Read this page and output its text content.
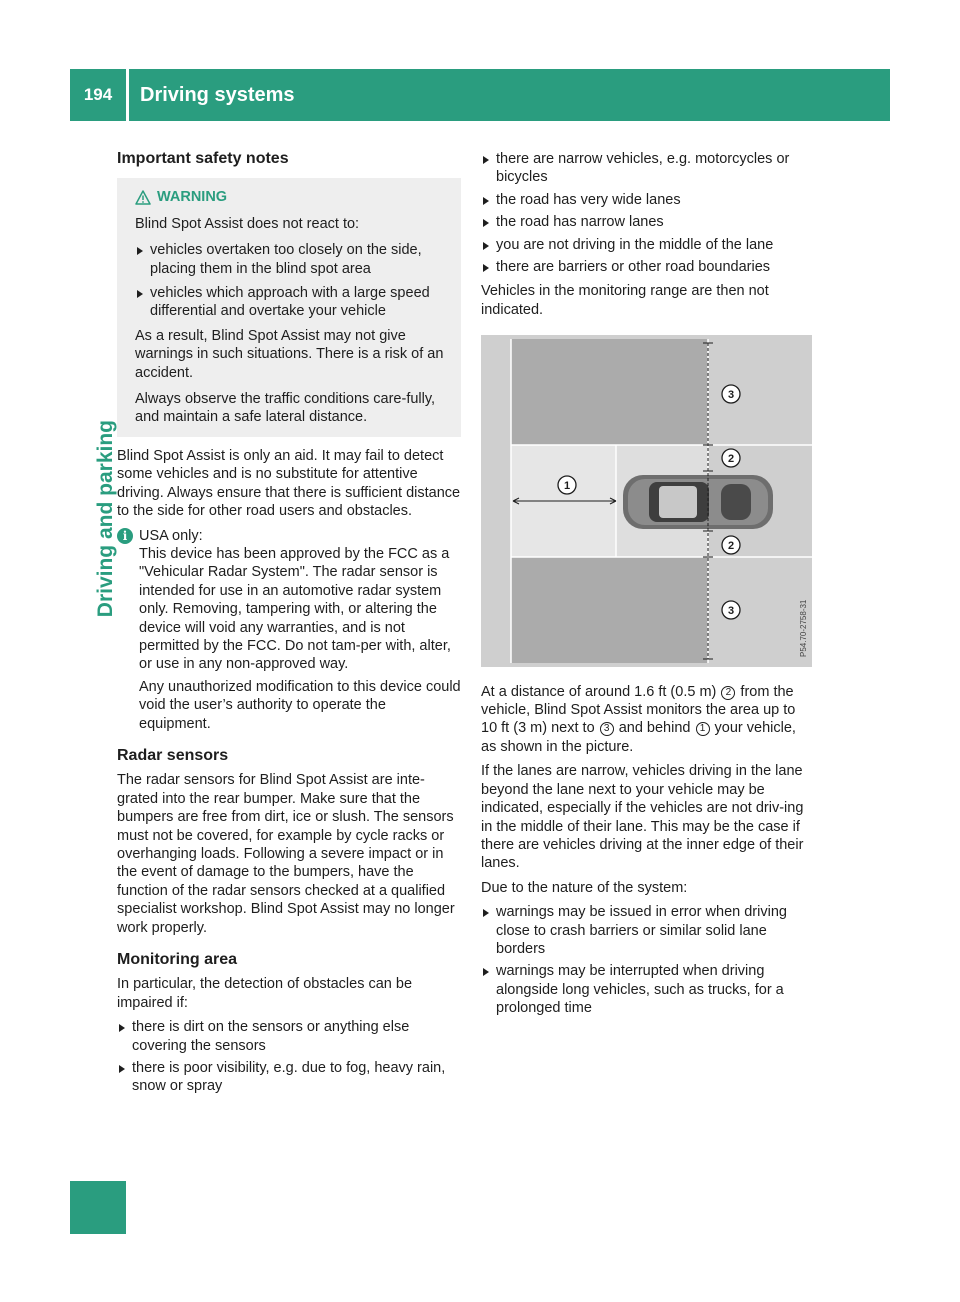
194	Driving systems
Driving and parking
Important safety notes
WARNING

Blind Spot Assist does not react to:

vehicles overtaken too closely on the side, placing them in the blind spot area
vehicles which approach with a large speed differential and overtake your vehicle

As a result, Blind Spot Assist may not give warnings in such situations. There is a risk of an accident.

Always observe the traffic conditions care-fully, and maintain a safe lateral distance.

Blind Spot Assist is only an aid. It may fail to detect some vehicles and is no substitute for attentive driving. Always ensure that there is sufficient distance to the side for other road users and obstacles.

i USA only:

This device has been approved by the FCC as a "Vehicular Radar System". The radar sensor is intended for use in an automotive radar system only. Removing, tampering with, or altering the device will void any warranties, and is not permitted by the FCC. Do not tam-per with, alter, or use in any non-approved way.

Any unauthorized modification to this device could void the user’s authority to operate the equipment.

Radar sensors

The radar sensors for Blind Spot Assist are inte-grated into the rear bumper. Make sure that the bumpers are free from dirt, ice or slush. The sensors must not be covered, for example by cycle racks or overhanging loads. Following a severe impact or in the event of damage to the bumpers, have the function of the radar sensors checked at a qualified specialist workshop. Blind Spot Assist may no longer work properly.

Monitoring area

In particular, the detection of obstacles can be impaired if:

there is dirt on the sensors or anything else covering the sensors
there is poor visibility, e.g. due to fog, heavy rain, snow or spray
there are narrow vehicles, e.g. motorcycles or bicycles
the road has very wide lanes
the road has narrow lanes
you are not driving in the middle of the lane
there are barriers or other road boundaries

Vehicles in the monitoring range are then not indicated.

3
2
1
2
3	P54.70-2758-31

At a distance of around 1.6 ft (0.5 m) 2 from the vehicle, Blind Spot Assist monitors the area up to 10 ft (3 m) next to 3 and behind 1 your vehicle, as shown in the picture.

If the lanes are narrow, vehicles driving in the lane beyond the lane next to your vehicle may be indicated, especially if the vehicles are not driv-ing in the middle of their lane. This may be the case if there are vehicles driving at the inner edge of their lanes.

Due to the nature of the system:

warnings may be issued in error when driving close to crash barriers or similar solid lane borders
warnings may be interrupted when driving alongside long vehicles, such as trucks, for a prolonged time
